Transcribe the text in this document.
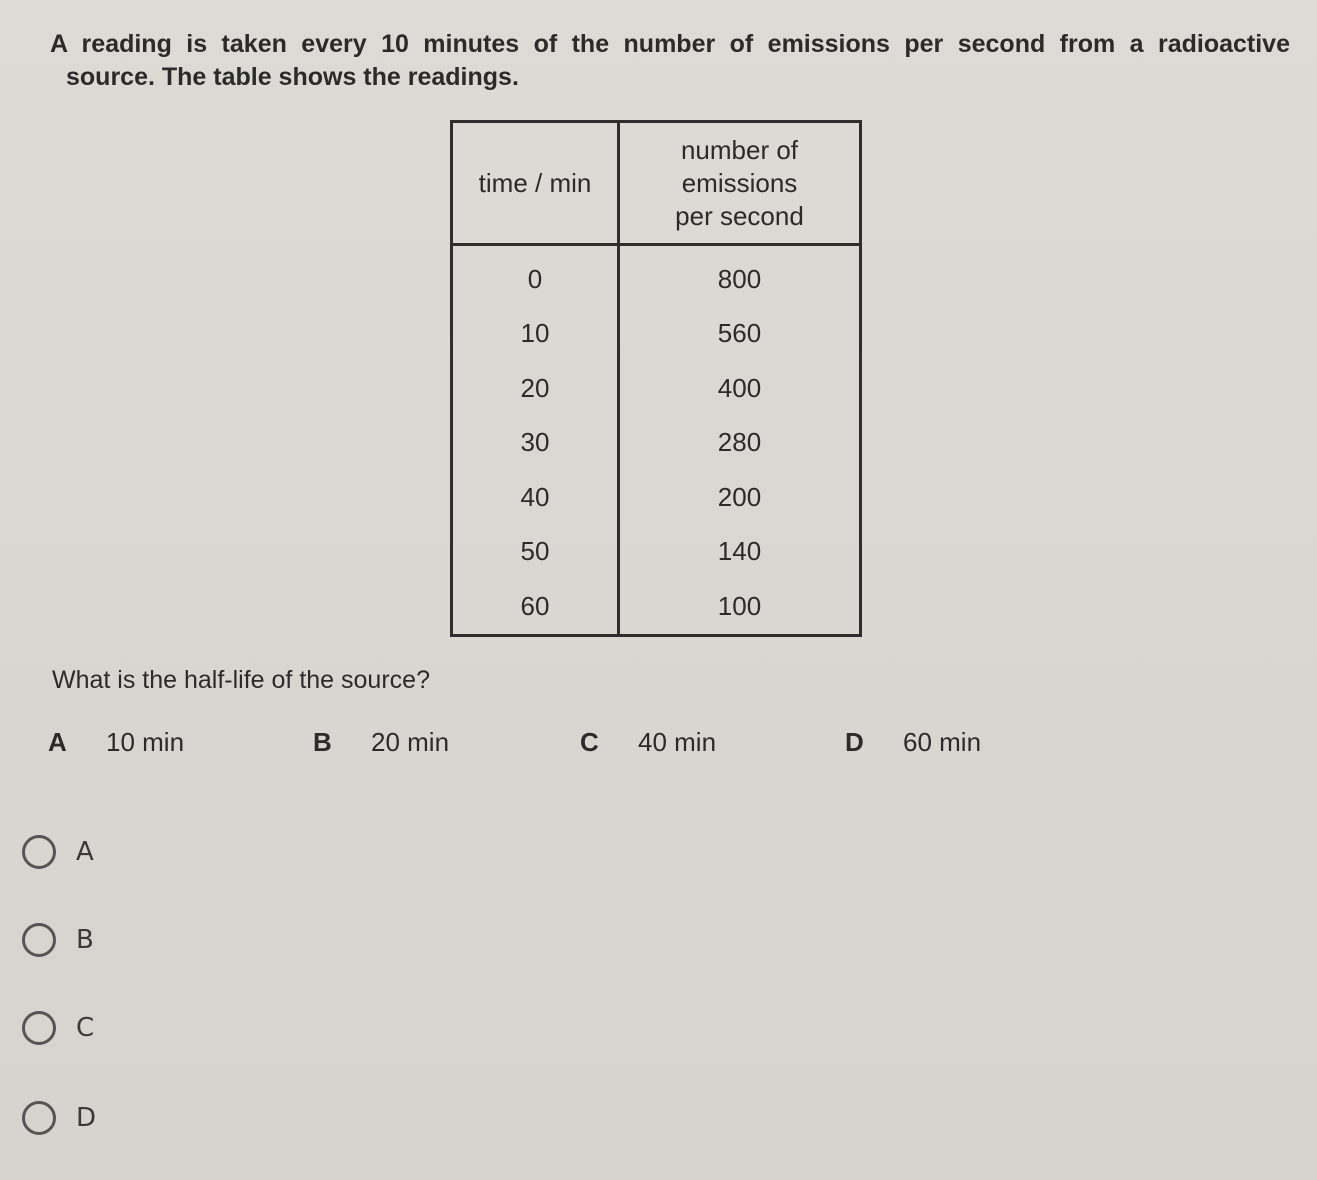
A reading is taken every 10 minutes of the number of emissions per second from a radioactive
source. The table shows the readings.
time / min	number of
emissions
per second
0	800
10	560
20	400
30	280
40	200
50	140
60	100
What is the half-life of the source?
A 10 min	B 20 min	C 40 min	D 60 min
A
B
C
D
